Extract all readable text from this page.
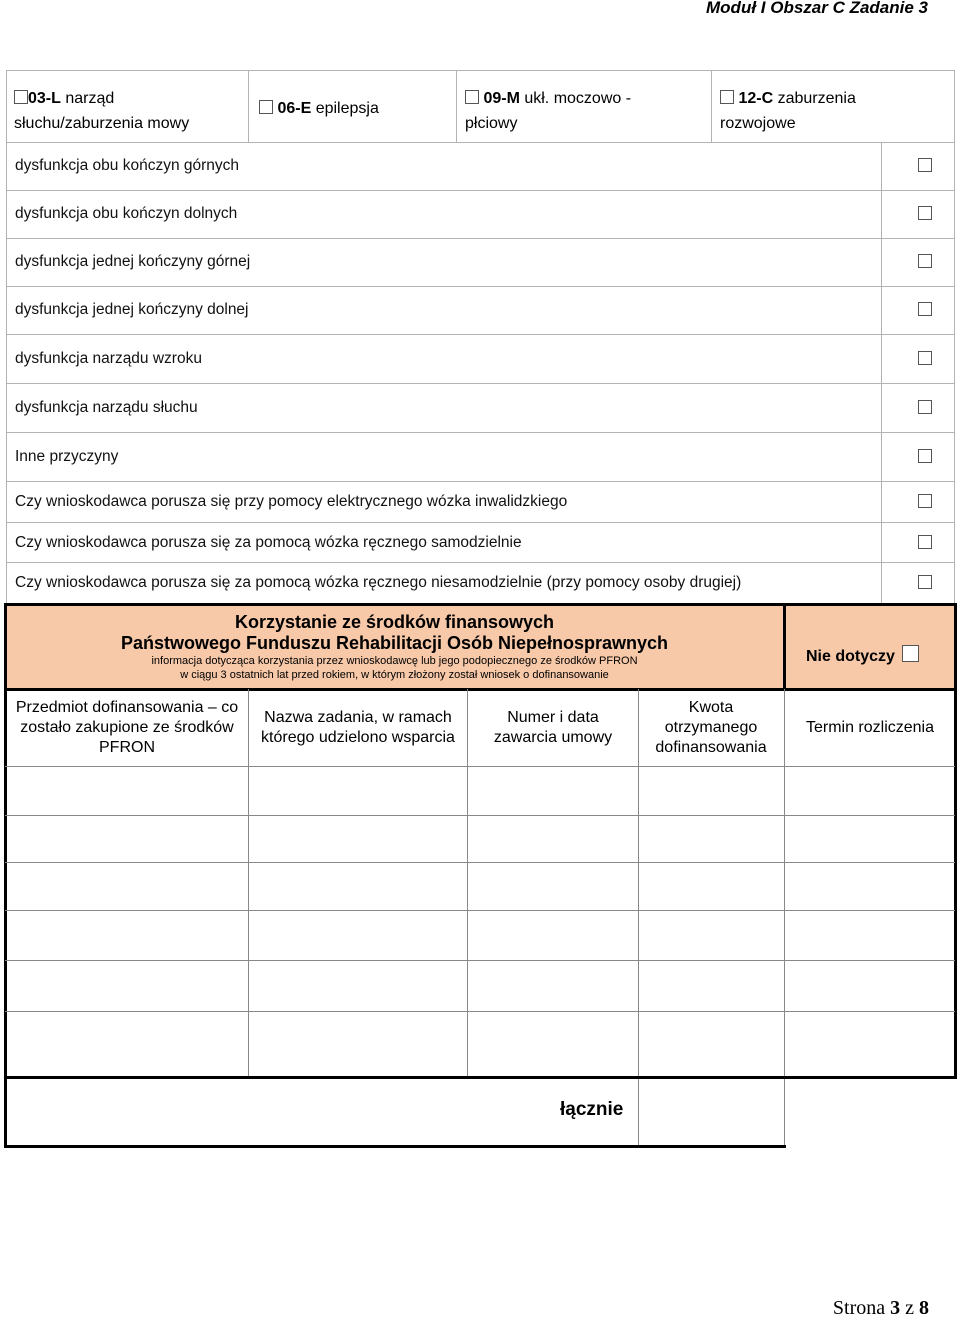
Moduł I Obszar C Zadanie 3
03-L narząd
słuchu/zaburzenia mowy
06-E epilepsja
09-M ukł. moczowo -
płciowy
12-C zaburzenia
rozwojowe
dysfunkcja obu kończyn górnych
dysfunkcja obu kończyn dolnych
dysfunkcja jednej kończyny górnej
dysfunkcja jednej kończyny dolnej
dysfunkcja narządu wzroku
dysfunkcja narządu słuchu
Inne przyczyny
Czy wnioskodawca porusza się przy pomocy elektrycznego wózka inwalidzkiego
Czy wnioskodawca porusza się za pomocą wózka ręcznego samodzielnie
Czy wnioskodawca porusza się za pomocą wózka ręcznego niesamodzielnie (przy pomocy osoby drugiej)
Korzystanie ze środków finansowych
Państwowego Funduszu Rehabilitacji Osób Niepełnosprawnych
informacja dotycząca korzystania przez wnioskodawcę lub jego podopiecznego ze środków PFRON
w ciągu 3 ostatnich lat przed rokiem, w którym złożony został wniosek o dofinansowanie
Nie dotyczy
Przedmiot dofinansowania – co zostało zakupione ze środków PFRON
Nazwa zadania, w ramach którego udzielono wsparcia
Numer i data zawarcia umowy
Kwota otrzymanego dofinansowania
Termin rozliczenia
łącznie
Strona 3 z 8
